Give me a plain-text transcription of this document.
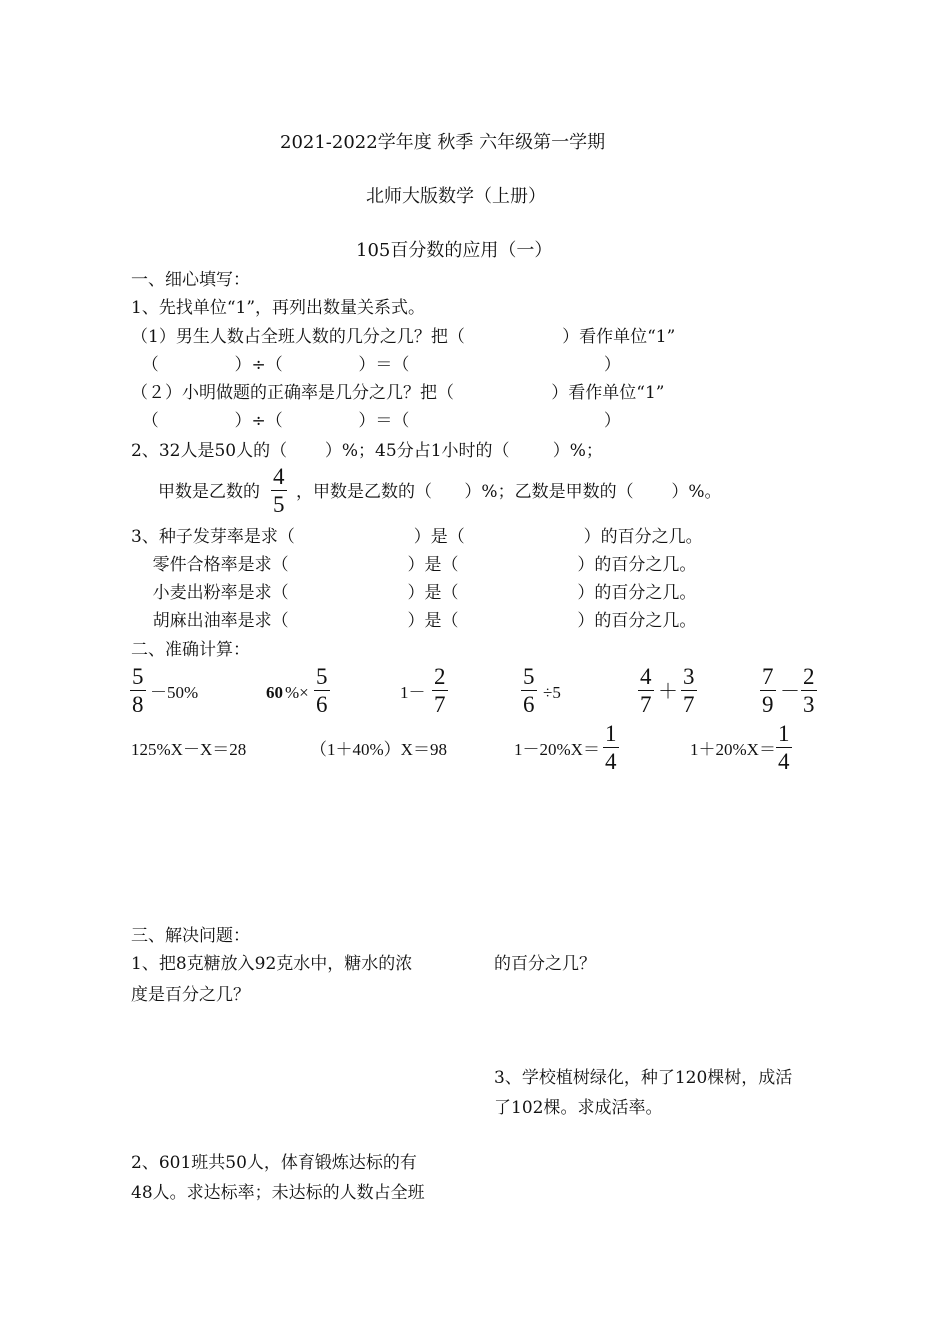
2021-2022学年度 秋季 六年级第一学期
北师大版数学（上册）
105百分数的应用（一）
一、细心填写：
1、先找单位“1”，再列出数量关系式。
（1）男生人数占全班人数的几分之几？把（                  ）看作单位“1”
（              ）÷（              ）＝（                                    ）
（２）小明做题的正确率是几分之几？把（                  ）看作单位“1”
（              ）÷（              ）＝（                                    ）
2、32人是50人的（       ）%；45分占1小时的（        ）%；
甲数是乙数的
4
5
，甲数是乙数的（      ）%；乙数是甲数的（       ）%。
3、种子发芽率是求（                      ）是（                      ）的百分之几。
零件合格率是求（                      ）是（                      ）的百分之几。
小麦出粉率是求（                      ）是（                      ）的百分之几。
胡麻出油率是求（                      ）是（                      ）的百分之几。
二、准确计算：
5
8 －50%	60 %×
5
6	1－
2
7
5
6 ÷5
4
7
＋
3
7
7
9
－
2
3
125%X－X＝28	（1＋40%）X＝98	1－20%X＝
1
4	1＋20%X＝
1
4
三、解决问题：
1、把8克糖放入92克水中，糖水的浓
度是百分之几？
的百分之几？
3、学校植树绿化，种了120棵树，成活
了102棵。求成活率。
2、601班共50人，体育锻炼达标的有
48人。求达标率；未达标的人数占全班
